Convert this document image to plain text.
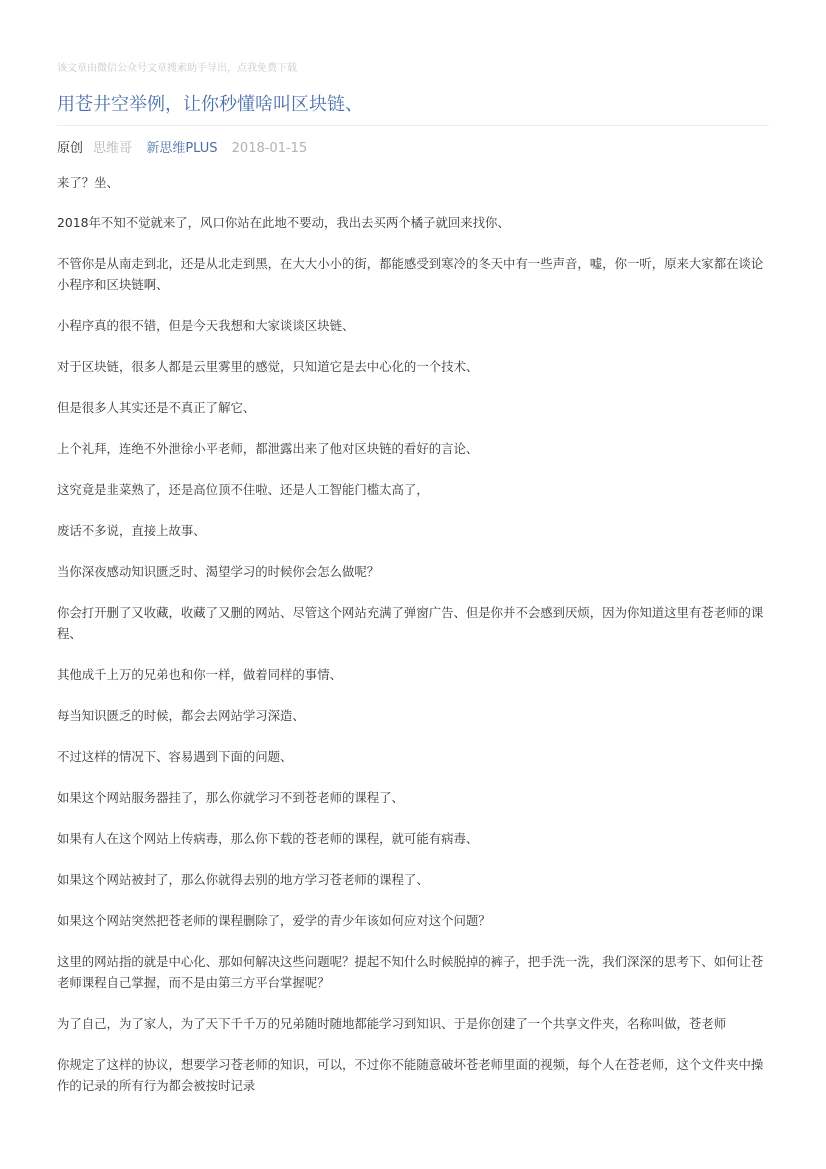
该文章由微信公众号文章搜索助手导出，点我免费下载
用苍井空举例，让你秒懂啥叫区块链、
原创 思维哥 新思维PLUS 2018-01-15

来了？坐、

2018年不知不觉就来了，风口你站在此地不要动，我出去买两个橘子就回来找你、

不管你是从南走到北，还是从北走到黑，在大大小小的街，都能感受到寒冷的冬天中有一些声音，嘘，你一听，原来大家都在谈论小程序和区块链啊、

小程序真的很不错，但是今天我想和大家谈谈区块链、

对于区块链，很多人都是云里雾里的感觉，只知道它是去中心化的一个技术、

但是很多人其实还是不真正了解它、

上个礼拜，连绝不外泄徐小平老师，都泄露出来了他对区块链的看好的言论、

这究竟是韭菜熟了，还是高位顶不住啦、还是人工智能门槛太高了，

废话不多说，直接上故事、

当你深夜感动知识匮乏时、渴望学习的时候你会怎么做呢？

你会打开删了又收藏，收藏了又删的网站、尽管这个网站充满了弹窗广告、但是你并不会感到厌烦，因为你知道这里有苍老师的课程、

其他成千上万的兄弟也和你一样，做着同样的事情、

每当知识匮乏的时候，都会去网站学习深造、

不过这样的情况下、容易遇到下面的问题、

如果这个网站服务器挂了，那么你就学习不到苍老师的课程了、

如果有人在这个网站上传病毒，那么你下载的苍老师的课程，就可能有病毒、

如果这个网站被封了，那么你就得去别的地方学习苍老师的课程了、

如果这个网站突然把苍老师的课程删除了，爱学的青少年该如何应对这个问题？

这里的网站指的就是中心化、那如何解决这些问题呢？提起不知什么时候脱掉的裤子，把手洗一洗，我们深深的思考下、如何让苍老师课程自己掌握，而不是由第三方平台掌握呢？

为了自己，为了家人，为了天下千千万的兄弟随时随地都能学习到知识、于是你创建了一个共享文件夹，名称叫做，苍老师

你规定了这样的协议，想要学习苍老师的知识，可以，不过你不能随意破坏苍老师里面的视频，每个人在苍老师，这个文件夹中操作的记录的所有行为都会被按时记录
